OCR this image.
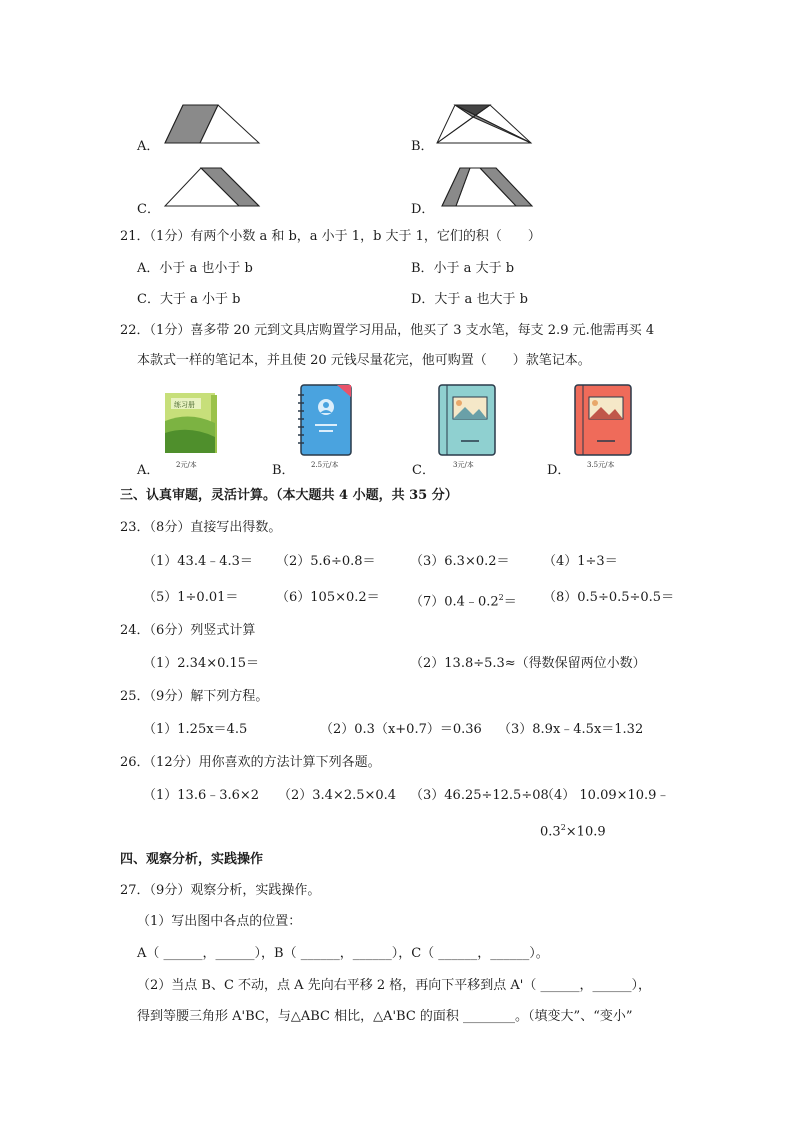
A．	B．
C．	D．
21．（1分）有两个小数 a 和 b，a 小于 1，b 大于 1，它们的积（　　）
A．小于 a 也小于 b	B．小于 a 大于 b
C．大于 a 小于 b	D．大于 a 也大于 b
22．（1分）喜多带 20 元到文具店购置学习用品，他买了 3 支水笔，每支 2.9 元.他需再买 4
本款式一样的笔记本，并且使 20 元钱尽量花完，他可购置（　　）款笔记本。
A．
练习册
2元/本	B． 2.5元/本	C．	3元/本	D． 3.5元/本
三、认真审题，灵活计算。（本大题共 4 小题，共 35 分）
23．（8分）直接写出得数。
（1）43.4﹣4.3＝ （2）5.6÷0.8＝	（3）6.3×0.2＝	（4）1÷3＝
（5）1÷0.01＝	$(6)105\times 0.2= (7)0.4﹣0.2^2= (8)0.5\div 0.5\div 0.5=$
24．（6分）列竖式计算
（1）2.34×0.15＝	（2）13.8÷5.3≈（得数保留两位小数）
25．（9分）解下列方程。
（1）1.25x＝4.5	（2）0.3（x+0.7）＝0.36 （3）8.9x﹣4.5x＝1.32
26．（12分）用你喜欢的方法计算下列各题。
（1）13.6﹣3.6×2 （2）3.4×2.5×0.4 （3）46.25÷12.5÷08
（4） 10.09×10.9﹣
$0.3^2\times 10.9$
四、观察分析，实践操作
27．（9分）观察分析，实践操作。
（1）写出图中各点的位置：
A（ ______，______），B（ ______，______），C（ ______，______）。
（2）当点 B、C 不动，点 A 先向右平移 2 格，再向下平移到点 A'（ ______，______），
得到等腰三角形 A'BC，与△ABC 相比，△A'BC 的面积 ________。（填变大”、“变小”
